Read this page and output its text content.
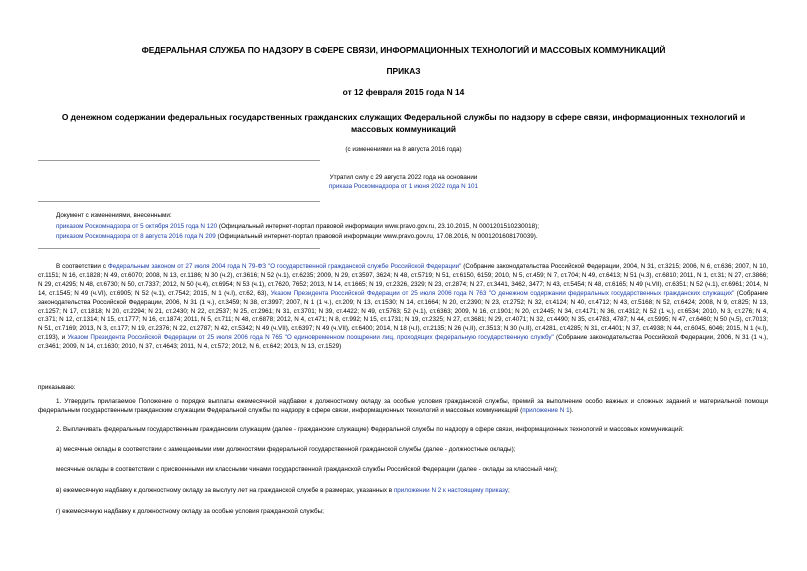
ФЕДЕРАЛЬНАЯ СЛУЖБА ПО НАДЗОРУ В СФЕРЕ СВЯЗИ, ИНФОРМАЦИОННЫХ ТЕХНОЛОГИЙ И МАССОВЫХ КОММУНИКАЦИЙ
ПРИКАЗ
от 12 февраля 2015 года N 14
О денежном содержании федеральных государственных гражданских служащих Федеральной службы по надзору в сфере связи, информационных технологий и
массовых коммуникаций
(с изменениями на 8 августа 2016 года)
Утратил силу с 29 августа 2022 года на основании
приказа Роскомнадзора от 1 июня 2022 года N 101
Документ с изменениями, внесенными:
приказом Роскомнадзора от 5 октября 2015 года N 120 (Официальный интернет-портал правовой информации www.pravo.gov.ru, 23.10.2015, N 0001201510230018);
приказом Роскомнадзора от 8 августа 2016 года N 209 (Официальный интернет-портал правовой информации www.pravo.gov.ru, 17.08.2016, N 0001201608170039).
В соответствии с Федеральным законом от 27 июля 2004 года N 79-ФЗ "О государственной гражданской службе Российской Федерации" (Собрание законодательства Российской Федерации, 2004, N 31, ст.3215; 2006, N 6, ст.636; 2007, N 10, ст.1151; N 16, ст.1828; N 49, ст.6070; 2008, N 13, ст.1186; N 30 (ч.2), ст.3616; N 52 (ч.1), ст.6235; 2009, N 29, ст.3597, 3624; N 48, ст.5719; N 51, ст.6150, 6159; 2010, N 5, ст.459; N 7, ст.704; N 49, ст.6413; N 51 (ч.3), ст.6810; 2011, N 1, ст.31; N 27, ст.3866; N 29, ст.4295; N 48, ст.6730; N 50, ст.7337; 2012, N 50 (ч.4), ст.6954; N 53 (ч.1), ст.7620, 7652; 2013, N 14, ст.1665; N 19, ст.2326, 2329; N 23, ст.2874; N 27, ст.3441, 3462, 3477; N 43, ст.5454; N 48, ст.6165; N 49 (ч.VII), ст.6351; N 52 (ч.1), ст.6961; 2014, N 14, ст.1545; N 49 (ч.VI), ст.6905; N 52 (ч.1), ст.7542; 2015, N 1 (ч.I), ст.62, 63), Указом Президента Российской Федерации от 25 июля 2006 года N 763 "О денежном содержании федеральных государственных гражданских служащих" (Собрание законодательства Российской Федерации, 2006, N 31 (1 ч.), ст.3459; N 38, ст.3997; 2007, N 1 (1 ч.), ст.209; N 13, ст.1530; N 14, ст.1664; N 20, ст.2390; N 23, ст.2752; N 32, ст.4124; N 40, ст.4712; N 43, ст.5168; N 52, ст.6424; 2008, N 9, ст.825; N 13, ст.1257; N 17, ст.1818; N 20, ст.2294; N 21, ст.2430; N 22, ст.2537; N 25, ст.2961; N 31, ст.3701; N 39, ст.4422; N 49, ст.5763; 52 (ч.1), ст.6363; 2009, N 16, ст.1901; N 20, ст.2445; N 34, ст.4171; N 36, ст.4312; N 52 (1 ч.), ст.6534; 2010, N 3, ст.276; N 4, ст.371; N 12, ст.1314; N 15, ст.1777; N 16, ст.1874; 2011, N 5, ст.711; N 48, ст.6878; 2012, N 4, ст.471; N 8, ст.992; N 15, ст.1731; N 19, ст.2325; N 27, ст.3681; N 29, ст.4071; N 32, ст.4490; N 35, ст.4783, 4787; N 44, ст.5995; N 47, ст.6460; N 50 (ч.5), ст.7013; N 51, ст.7169; 2013, N 3, ст.177; N 19, ст.2376; N 22, ст.2787; N 42, ст.5342; N 49 (ч.VII), ст.6397; N 49 (ч.VII), ст.6400; 2014, N 18 (ч.I), ст.2135; N 26 (ч.II), ст.3513; N 30 (ч.II), ст.4281, ст.4285; N 31, ст.4401; N 37, ст.4938; N 44, ст.6045, 6046; 2015, N 1 (ч.I), ст.193), и Указом Президента Российской Федерации от 25 июля 2006 года N 765 "О единовременном поощрении лиц, проходящих федеральную государственную службу" (Собрание законодательства Российской Федерации, 2006, N 31 (1 ч.), ст.3461; 2009, N 14, ст.1630; 2010, N 37, ст.4643; 2011, N 4, ст.572; 2012, N 6, ст.642; 2013, N 13, ст.1529)
приказываю:
1. Утвердить прилагаемое Положение о порядке выплаты ежемесячной надбавки к должностному окладу за особые условия гражданской службы, премий за выполнение особо важных и сложных заданий и материальной помощи федеральным государственным гражданским служащим Федеральной службы по надзору в сфере связи, информационных технологий и массовых коммуникаций (приложение N 1).
2. Выплачивать федеральным государственным гражданским служащим (далее - гражданские служащие) Федеральной службы по надзору в сфере связи, информационных технологий и массовых коммуникаций:
а) месячные оклады в соответствии с замещаемыми ими должностями федеральной государственной гражданской службы (далее - должностные оклады);
месячные оклады в соответствии с присвоенными им классными чинами государственной гражданской службы Российской Федерации (далее - оклады за классный чин);
в) ежемесячную надбавку к должностному окладу за выслугу лет на гражданской службе в размерах, указанных в приложении N 2 к настоящему приказу;
г) ежемесячную надбавку к должностному окладу за особые условия гражданской службы;
